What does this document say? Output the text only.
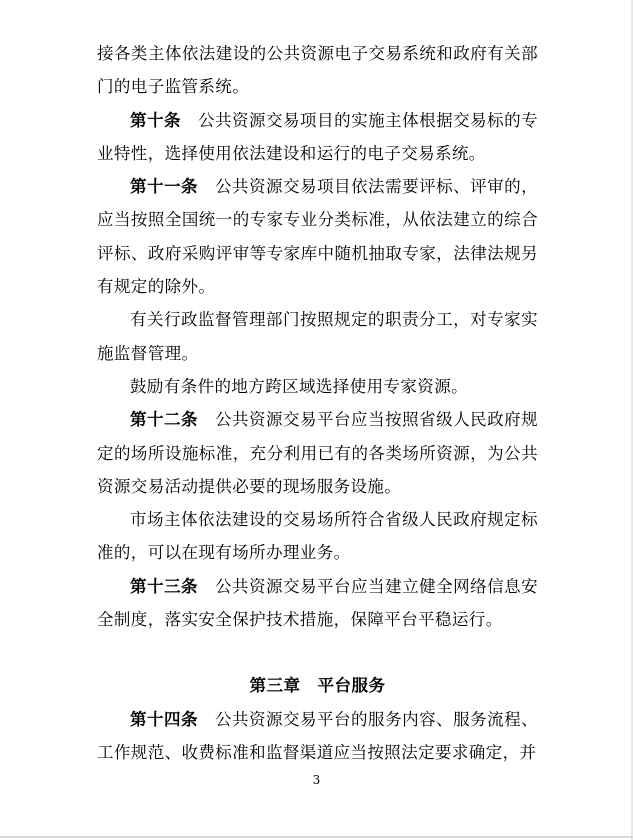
接各类主体依法建设的公共资源电子交易系统和政府有关部门的电子监管系统。

第十条　 公共资源交易项目的实施主体根据交易标的专业特性，选择使用依法建设和运行的电子交易系统。

第十一条　 公共资源交易项目依法需要评标、评审的，应当按照全国统一的专家专业分类标准，从依法建立的综合评标、政府采购评审等专家库中随机抽取专家，法律法规另有规定的除外。

有关行政监督管理部门按照规定的职责分工，对专家实施监督管理。

鼓励有条件的地方跨区域选择使用专家资源。

第十二条　 公共资源交易平台应当按照省级人民政府规定的场所设施标准，充分利用已有的各类场所资源，为公共资源交易活动提供必要的现场服务设施。

市场主体依法建设的交易场所符合省级人民政府规定标准的，可以在现有场所办理业务。

第十三条　 公共资源交易平台应当建立健全网络信息安全制度，落实安全保护技术措施，保障平台平稳运行。

第三章　平台服务

第十四条　 公共资源交易平台的服务内容、服务流程、工作规范、收费标准和监督渠道应当按照法定要求确定，并

3
